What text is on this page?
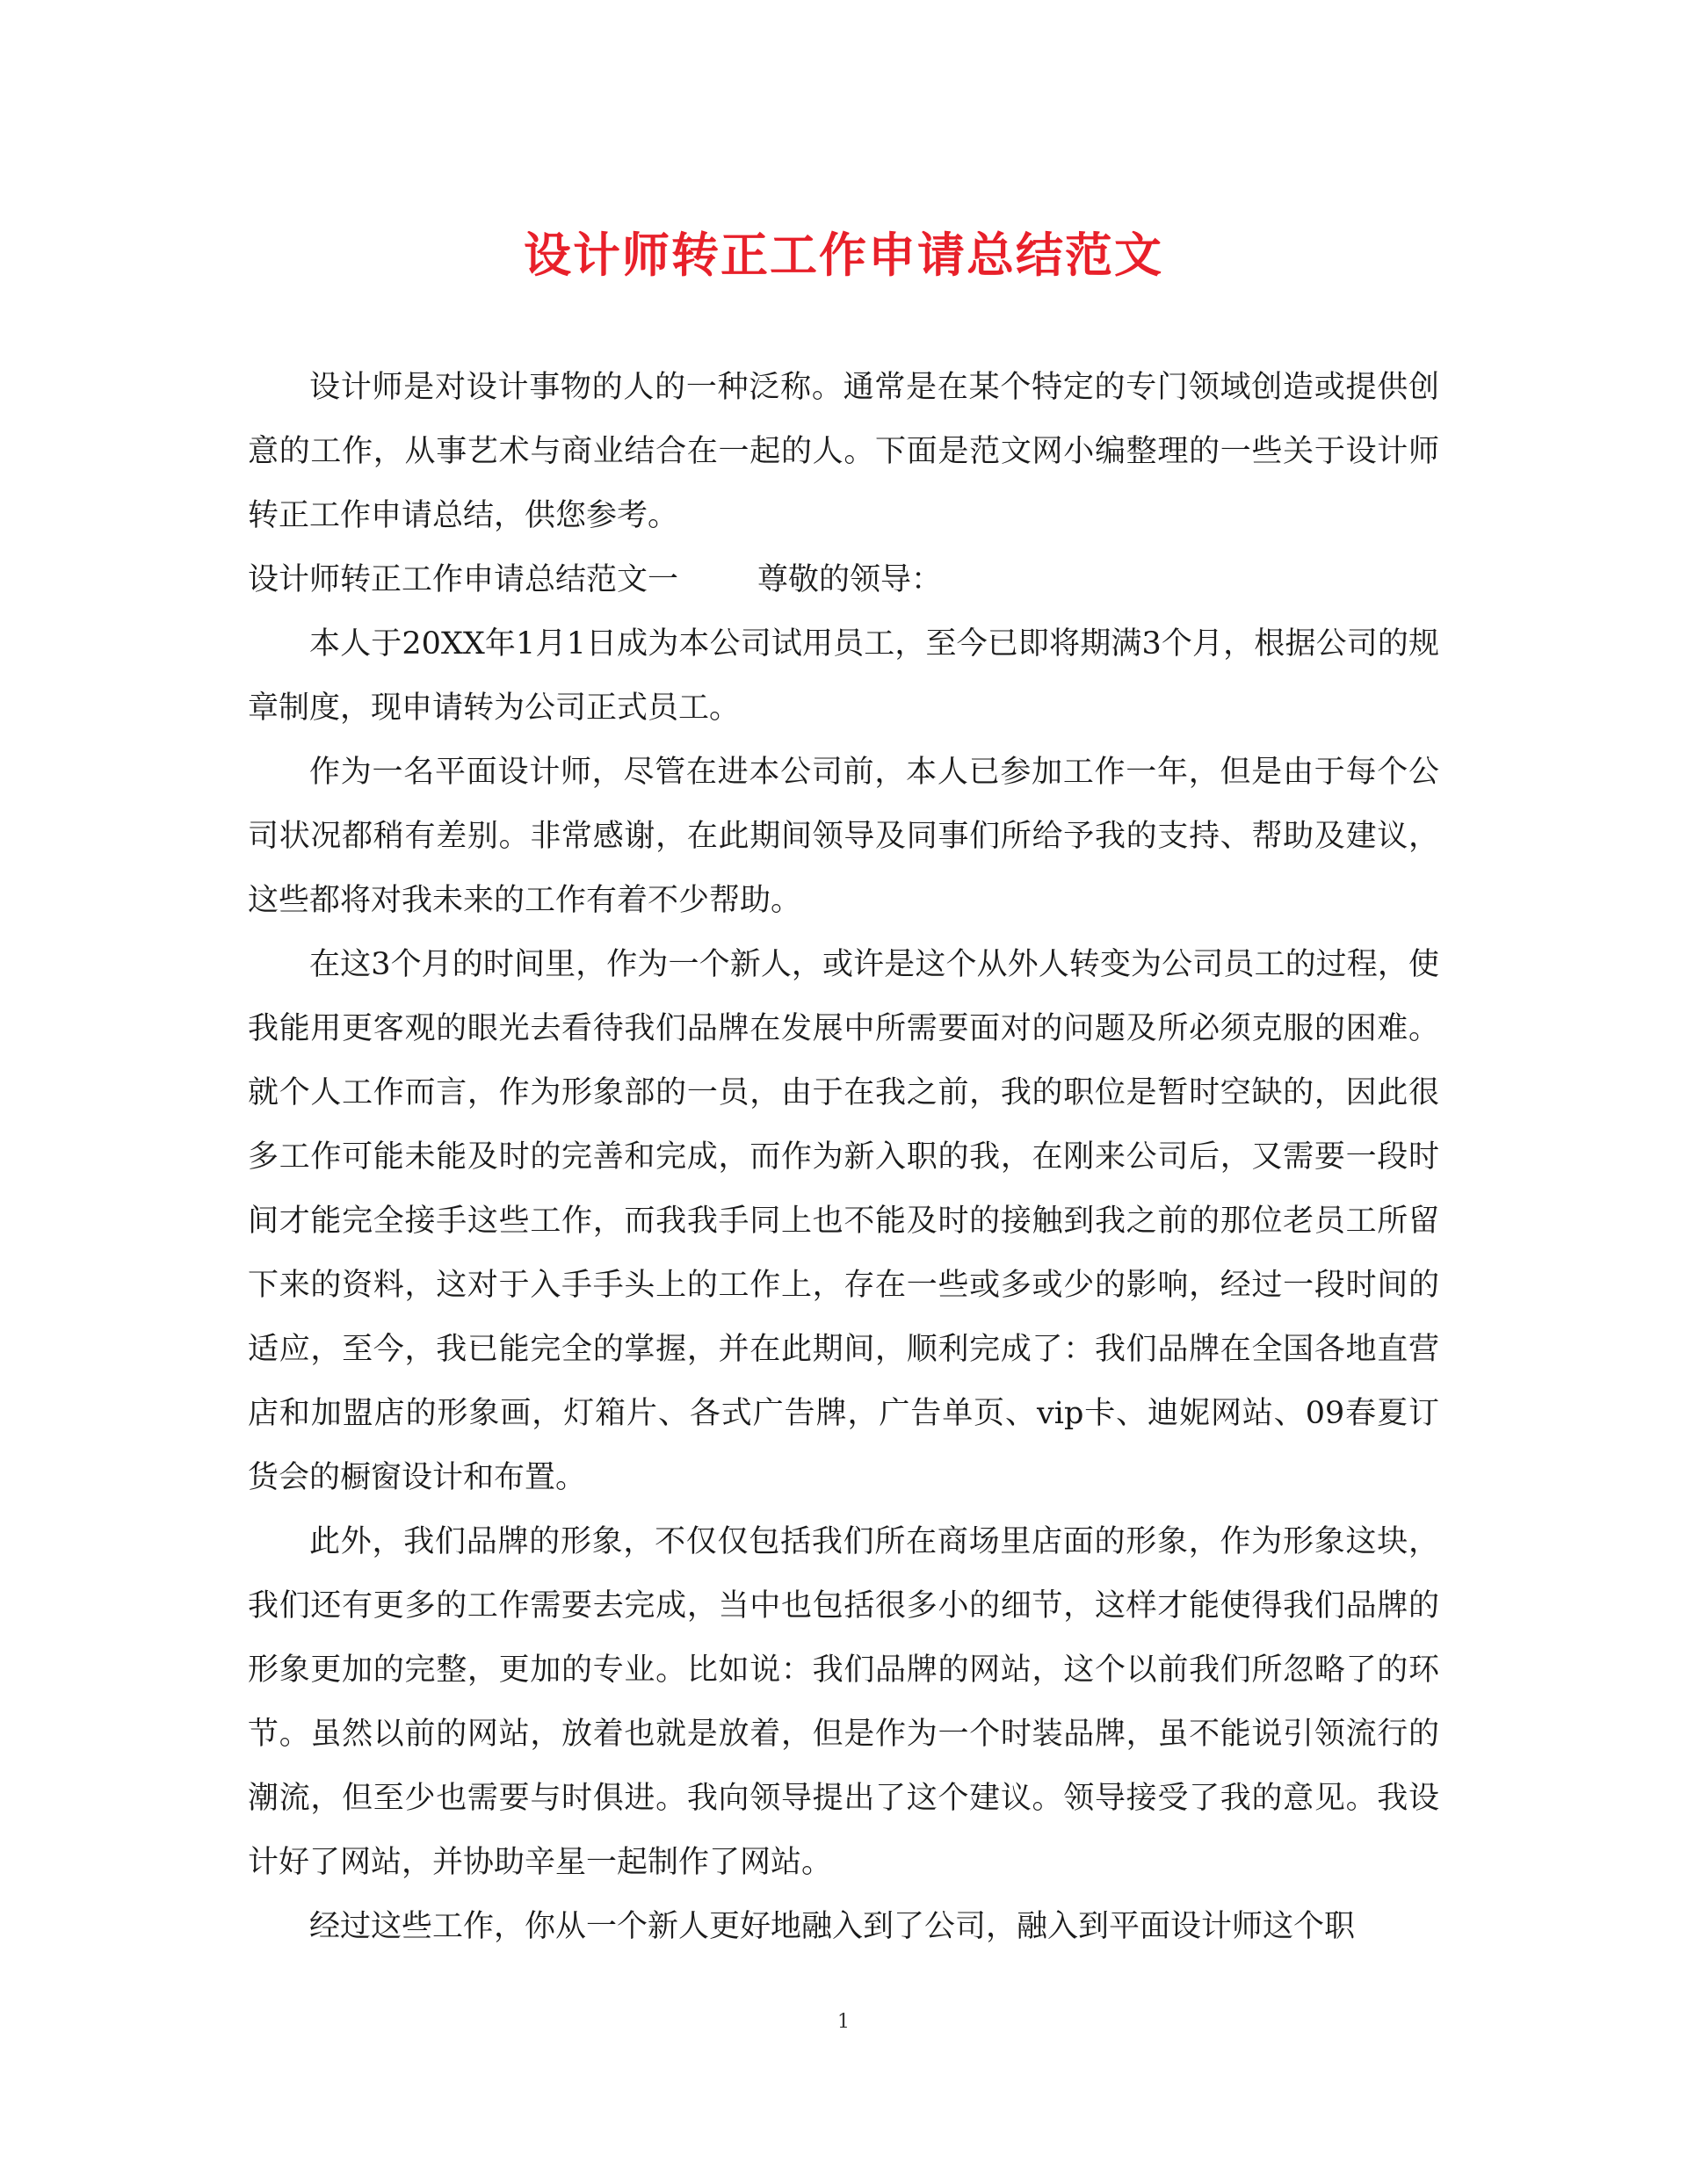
设计师转正工作申请总结范文

设计师是对设计事物的人的一种泛称。通常是在某个特定的专门领域创造或提供创意的工作，从事艺术与商业结合在一起的人。下面是范文网小编整理的一些关于设计师转正工作申请总结，供您参考。

设计师转正工作申请总结范文一	尊敬的领导：

本人于20XX年1月1日成为本公司试用员工，至今已即将期满3个月，根据公司的规章制度，现申请转为公司正式员工。

作为一名平面设计师，尽管在进本公司前，本人已参加工作一年，但是由于每个公司状况都稍有差别。非常感谢，在此期间领导及同事们所给予我的支持、帮助及建议，这些都将对我未来的工作有着不少帮助。

在这3个月的时间里，作为一个新人，或许是这个从外人转变为公司员工的过程，使我能用更客观的眼光去看待我们品牌在发展中所需要面对的问题及所必须克服的困难。就个人工作而言，作为形象部的一员，由于在我之前，我的职位是暂时空缺的，因此很多工作可能未能及时的完善和完成，而作为新入职的我，在刚来公司后，又需要一段时间才能完全接手这些工作，而我我手同上也不能及时的接触到我之前的那位老员工所留下来的资料，这对于入手手头上的工作上，存在一些或多或少的影响，经过一段时间的适应，至今，我已能完全的掌握，并在此期间，顺利完成了：我们品牌在全国各地直营店和加盟店的形象画，灯箱片、各式广告牌，广告单页、vip卡、迪妮网站、09春夏订货会的橱窗设计和布置。

此外，我们品牌的形象，不仅仅包括我们所在商场里店面的形象，作为形象这块，我们还有更多的工作需要去完成，当中也包括很多小的细节，这样才能使得我们品牌的形象更加的完整，更加的专业。比如说：我们品牌的网站，这个以前我们所忽略了的环节。虽然以前的网站，放着也就是放着，但是作为一个时装品牌，虽不能说引领流行的潮流，但至少也需要与时俱进。我向领导提出了这个建议。领导接受了我的意见。我设计好了网站，并协助辛星一起制作了网站。

经过这些工作，你从一个新人更好地融入到了公司，融入到平面设计师这个职

1
